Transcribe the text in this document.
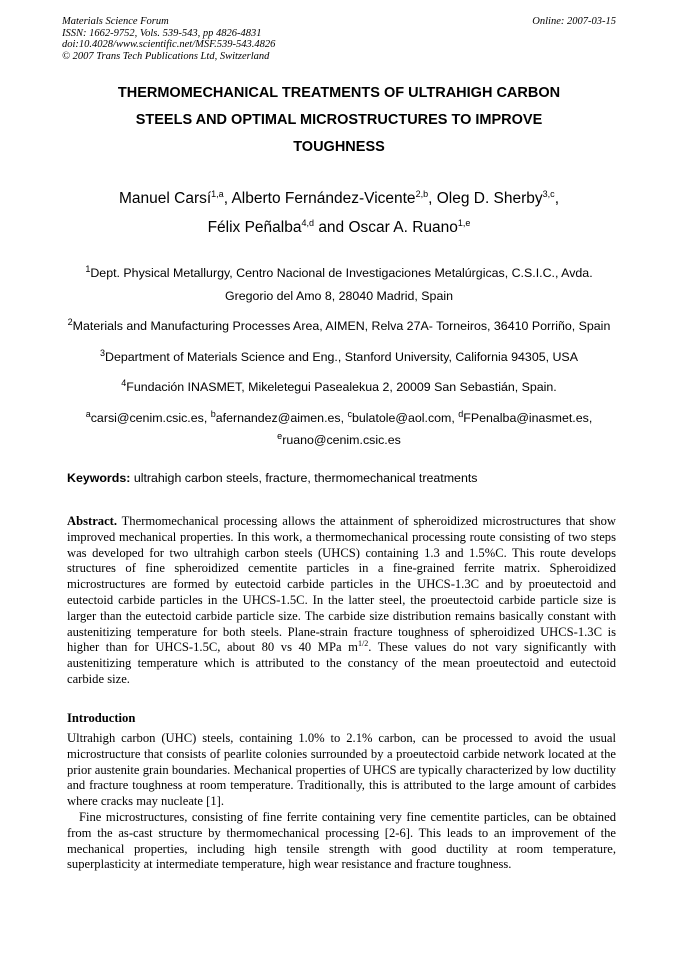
Materials Science Forum
ISSN: 1662-9752, Vols. 539-543, pp 4826-4831
doi:10.4028/www.scientific.net/MSF.539-543.4826
© 2007 Trans Tech Publications Ltd, Switzerland
Online: 2007-03-15
THERMOMECHANICAL TREATMENTS OF ULTRAHIGH CARBON
STEELS AND OPTIMAL MICROSTRUCTURES TO IMPROVE
TOUGHNESS
Manuel Carsí$^{1,a}$, Alberto Fernández-Vicente$^{2,b}$, Oleg D. Sherby$^{3,c}$,
Félix Peñalba$^{4,d}$ and Oscar A. Ruano$^{1,e}$
$^1$Dept. Physical Metallurgy, Centro Nacional de Investigaciones Metalúrgicas, C.S.I.C., Avda. Gregorio del Amo 8, 28040 Madrid, Spain
$^2$Materials and Manufacturing Processes Area, AIMEN, Relva 27A- Torneiros, 36410 Porriño, Spain
$^3$Department of Materials Science and Eng., Stanford University, California 94305, USA
$^4$Fundación INASMET, Mikeletegui Pasealekua 2, 20009 San Sebastián, Spain.
$^a$carsi@cenim.csic.es, $^b$afernandez@aimen.es, $^c$bulatole@aol.com, $^d$FPenalba@inasmet.es, $^e$ruano@cenim.csic.es
Keywords: ultrahigh carbon steels, fracture, thermomechanical treatments
Abstract. Thermomechanical processing allows the attainment of spheroidized microstructures that show improved mechanical properties. In this work, a thermomechanical processing route consisting of two steps was developed for two ultrahigh carbon steels (UHCS) containing 1.3 and 1.5%C. This route develops structures of fine spheroidized cementite particles in a fine-grained ferrite matrix. Spheroidized microstructures are formed by eutectoid carbide particles in the UHCS-1.3C and by proeutectoid and eutectoid carbide particles in the UHCS-1.5C. In the latter steel, the proeutectoid carbide particle size is larger than the eutectoid carbide particle size. The carbide size distribution remains basically constant with austenitizing temperature for both steels. Plane-strain fracture toughness of spheroidized UHCS-1.3C is higher than for UHCS-1.5C, about 80 vs 40 MPa $m^{1/2}$. These values do not vary significantly with austenitizing temperature which is attributed to the constancy of the mean proeutectoid and eutectoid carbide size.
Introduction

Ultrahigh carbon (UHC) steels, containing 1.0% to 2.1% carbon, can be processed to avoid the usual microstructure that consists of pearlite colonies surrounded by a proeutectoid carbide network located at the prior austenite grain boundaries. Mechanical properties of UHCS are typically characterized by low ductility and fracture toughness at room temperature. Traditionally, this is attributed to the large amount of carbides where cracks may nucleate [1].

Fine microstructures, consisting of fine ferrite containing very fine cementite particles, can be obtained from the as-cast structure by thermomechanical processing [2-6]. This leads to an improvement of the mechanical properties, including high tensile strength with good ductility at room temperature, superplasticity at intermediate temperature, high wear resistance and fracture toughness.
